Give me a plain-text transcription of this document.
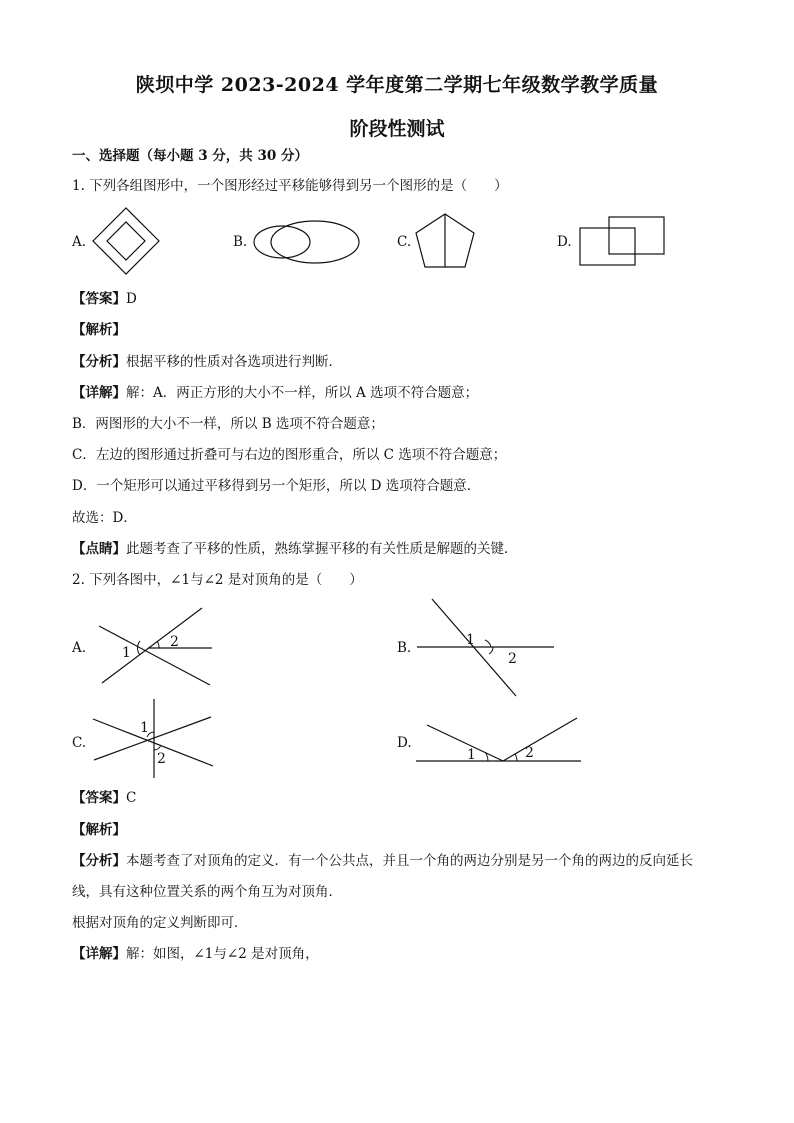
陕坝中学 2023-2024 学年度第二学期七年级数学教学质量
阶段性测试
一、选择题（每小题 3 分，共 30 分）
1. 下列各组图形中，一个图形经过平移能够得到另一个图形的是（　　）
A.	B.	C.	D.
【答案】D
【解析】
【分析】根据平移的性质对各选项进行判断．
【详解】解：A．两正方形的大小不一样，所以 A 选项不符合题意；
B．两图形的大小不一样，所以 B 选项不符合题意；
C．左边的图形通过折叠可与右边的图形重合，所以 C 选项不符合题意；
D．一个矩形可以通过平移得到另一个矩形，所以 D 选项符合题意．
故选：D．
【点睛】此题考查了平移的性质，熟练掌握平移的有关性质是解题的关键．
2. 下列各图中，∠1与∠2 是对顶角的是（　　）
A.	1
2	B.	1
2
C.
1
2
D.
1	2
【答案】C
【解析】
【分析】本题考查了对顶角的定义．有一个公共点，并且一个角的两边分别是另一个角的两边的反向延长
线，具有这种位置关系的两个角互为对顶角．
根据对顶角的定义判断即可．
【详解】解：如图，∠1与∠2 是对顶角，
